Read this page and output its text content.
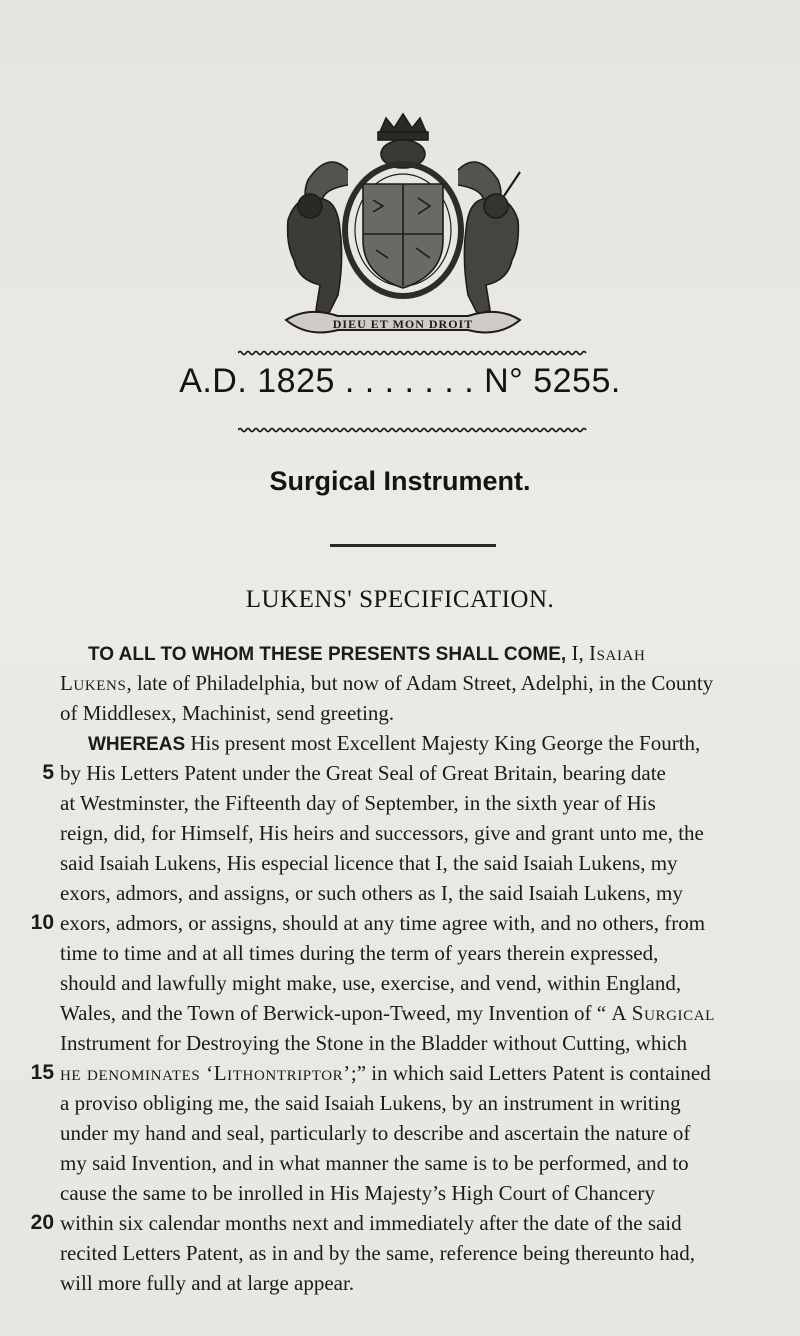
DIEU ET MON DROIT
A.D. 1825 . . . . . . . N° 5255.
Surgical Instrument.
LUKENS' SPECIFICATION.
TO ALL TO WHOM THESE PRESENTS SHALL COME, I, Isaiah
Lukens, late of Philadelphia, but now of Adam Street, Adelphi, in the County
of Middlesex, Machinist, send greeting.
WHEREAS His present most Excellent Majesty King George the Fourth,
5 by His Letters Patent under the Great Seal of Great Britain, bearing date
at Westminster, the Fifteenth day of September, in the sixth year of His
reign, did, for Himself, His heirs and successors, give and grant unto me, the
said Isaiah Lukens, His especial licence that I, the said Isaiah Lukens, my
exors, admors, and assigns, or such others as I, the said Isaiah Lukens, my
10 exors, admors, or assigns, should at any time agree with, and no others, from
time to time and at all times during the term of years therein expressed,
should and lawfully might make, use, exercise, and vend, within England,
Wales, and the Town of Berwick-upon-Tweed, my Invention of “ A Surgical
Instrument for Destroying the Stone in the Bladder without Cutting, which
15 he denominates ‘Lithontriptor’;” in which said Letters Patent is contained
a proviso obliging me, the said Isaiah Lukens, by an instrument in writing
under my hand and seal, particularly to describe and ascertain the nature of
my said Invention, and in what manner the same is to be performed, and to
cause the same to be inrolled in His Majesty’s High Court of Chancery
20 within six calendar months next and immediately after the date of the said
recited Letters Patent, as in and by the same, reference being thereunto had,
will more fully and at large appear.
